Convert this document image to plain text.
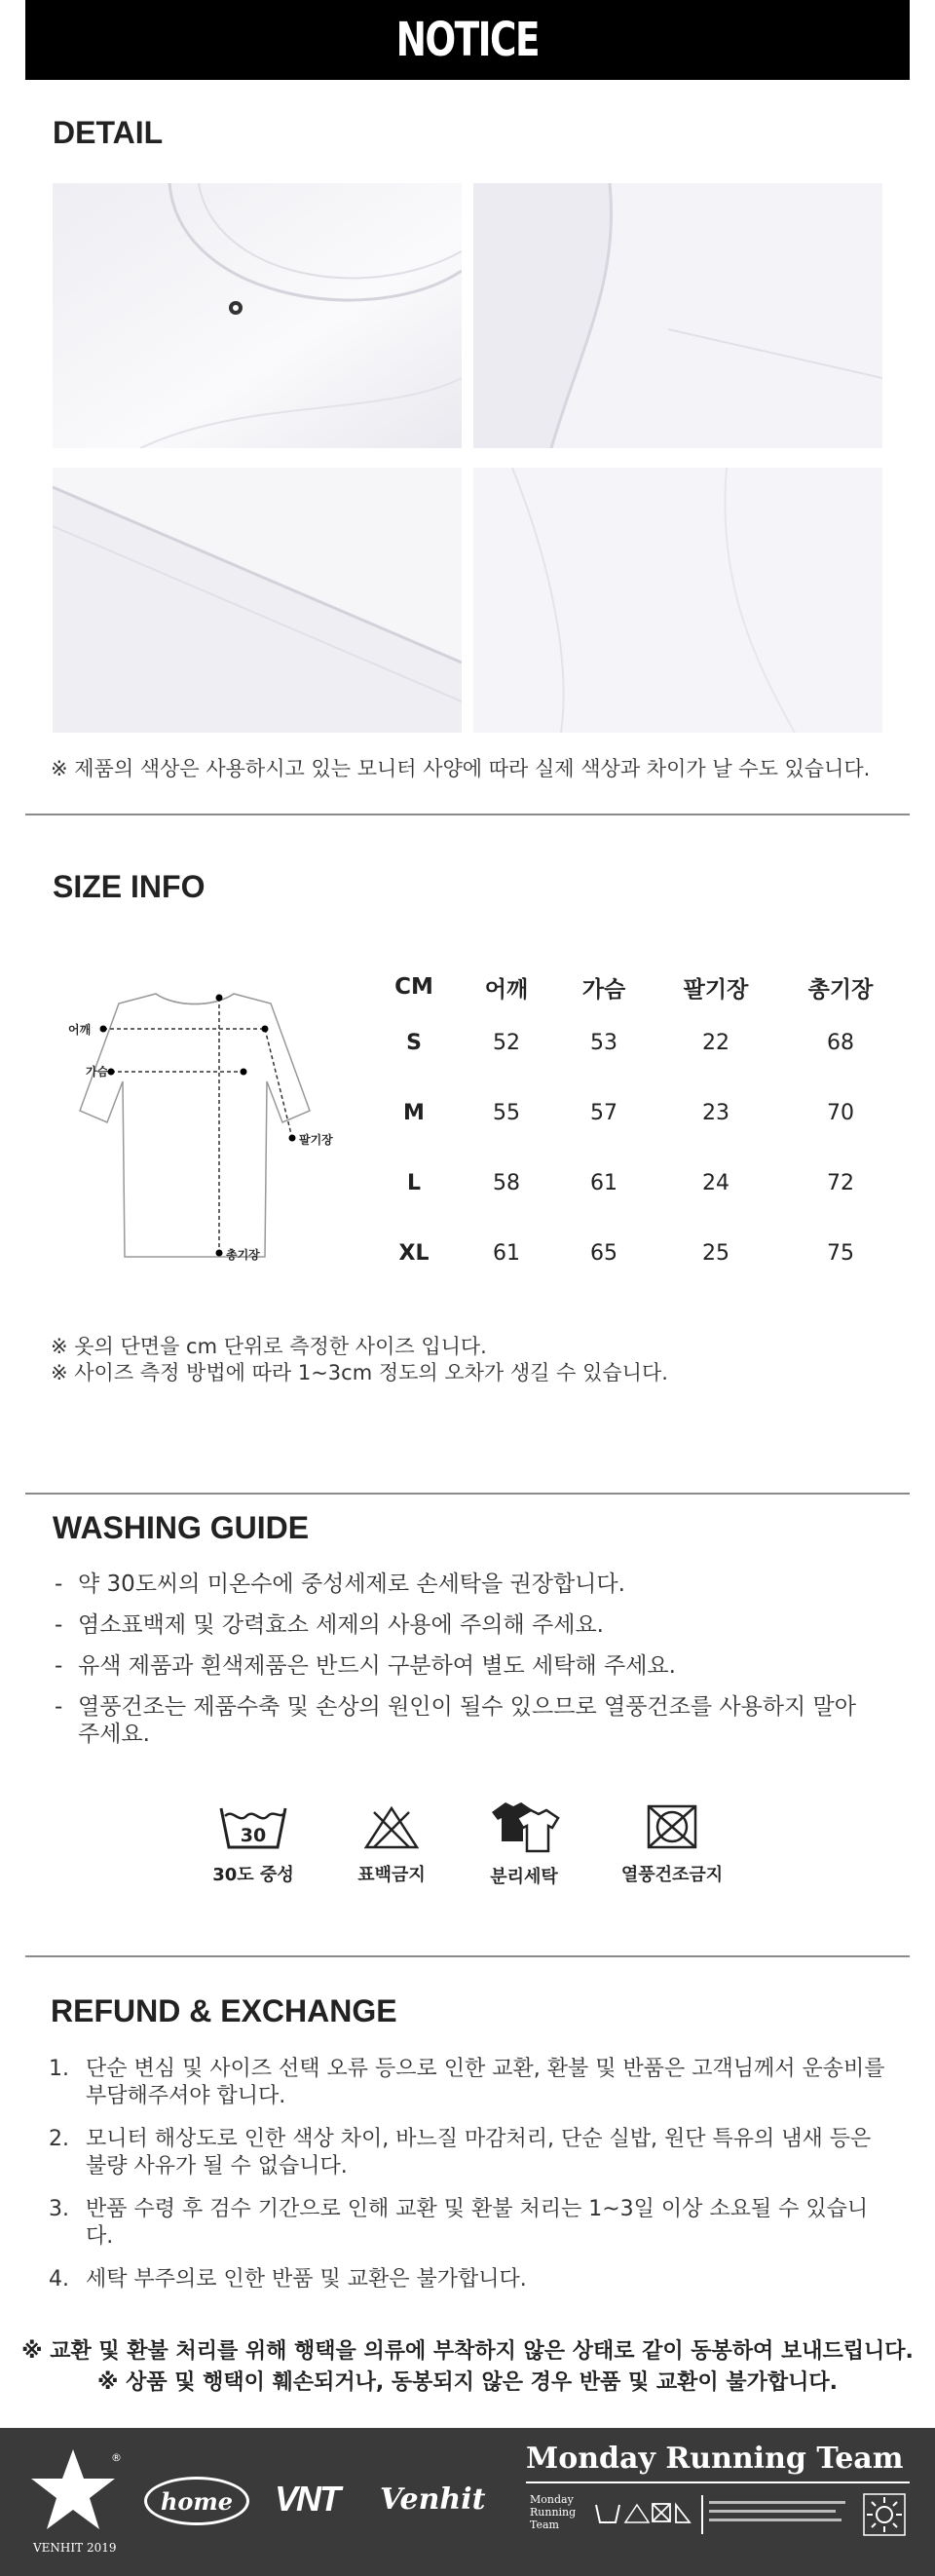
NOTICE
DETAIL
※ 제품의 색상은 사용하시고 있는 모니터 사양에 따라 실제 색상과 차이가 날 수도 있습니다.
SIZE INFO
어깨
가슴
팔기장
총기장
CM	어깨	가슴	팔기장	총기장
S	52	53	22	68
M	55	57	23	70
L	58	61	24	72
XL	61	65	25	75
※ 옷의 단면을 cm 단위로 측정한 사이즈 입니다.
※ 사이즈 측정 방법에 따라 1~3cm 정도의 오차가 생길 수 있습니다.
WASHING GUIDE
- 약 30도씨의 미온수에 중성세제로 손세탁을 권장합니다.
- 염소표백제 및 강력효소 세제의 사용에 주의해 주세요.
- 유색 제품과 흰색제품은 반드시 구분하여 별도 세탁해 주세요.
- 열풍건조는 제품수축 및 손상의 원인이 될수 있으므로 열풍건조를 사용하지 말아 주세요.
30
30도 중성	표백금지	분리세탁	열풍건조금지
REFUND & EXCHANGE
1. 단순 변심 및 사이즈 선택 오류 등으로 인한 교환, 환불 및 반품은 고객님께서 운송비를 부담해주셔야 합니다.
2. 모니터 해상도로 인한 색상 차이, 바느질 마감처리, 단순 실밥, 원단 특유의 냄새 등은 불량 사유가 될 수 없습니다.
3. 반품 수령 후 검수 기간으로 인해 교환 및 환불 처리는 1~3일 이상 소요될 수 있습니다.
4. 세탁 부주의로 인한 반품 및 교환은 불가합니다.
※ 교환 및 환불 처리를 위해 행택을 의류에 부착하지 않은 상태로 같이 동봉하여 보내드립니다.
※ 상품 및 행택이 훼손되거나, 동봉되지 않은 경우 반품 및 교환이 불가합니다.
®
VENHIT 2019
home VNT Venhit
Monday Running Team
Monday
Running
Team
